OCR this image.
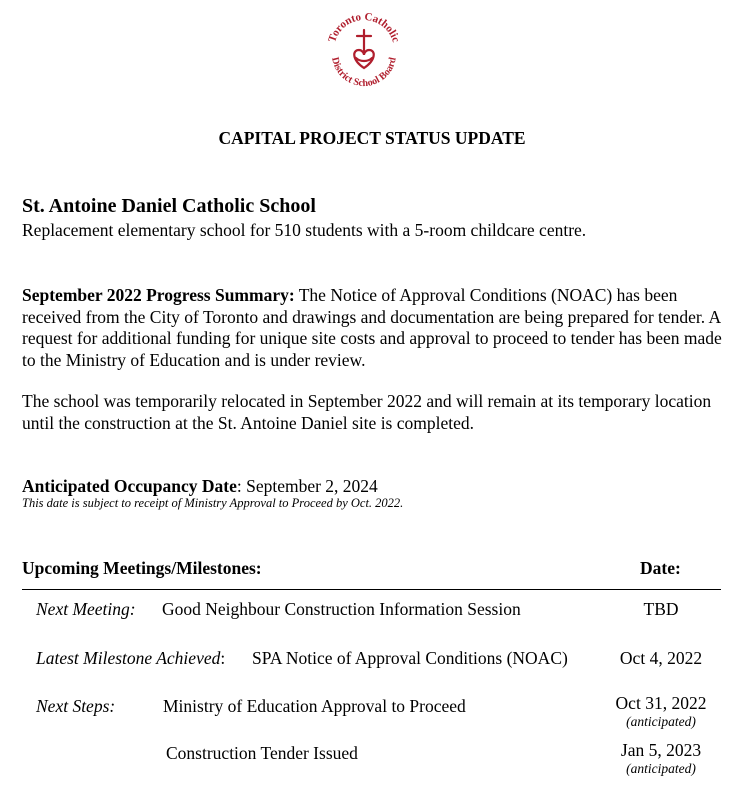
Toronto Catholic
District School Board
CAPITAL PROJECT STATUS UPDATE
St. Antoine Daniel Catholic School
Replacement elementary school for 510 students with a 5-room childcare centre.
September 2022 Progress Summary: The Notice of Approval Conditions (NOAC) has been received from the City of Toronto and drawings and documentation are being prepared for tender. A request for additional funding for unique site costs and approval to proceed to tender has been made to the Ministry of Education and is under review.
The school was temporarily relocated in September 2022 and will remain at its temporary location until the construction at the St. Antoine Daniel site is completed.
Anticipated Occupancy Date: September 2, 2024
This date is subject to receipt of Ministry Approval to Proceed by Oct. 2022.
Upcoming Meetings/Milestones:	Date:
Next Meeting: Good Neighbour Construction Information Session	TBD
Latest Milestone Achieved: SPA Notice of Approval Conditions (NOAC)	Oct 4, 2022
Next Steps:	Ministry of Education Approval to Proceed	Oct 31, 2022
(anticipated)
Construction Tender Issued	Jan 5, 2023
(anticipated)
